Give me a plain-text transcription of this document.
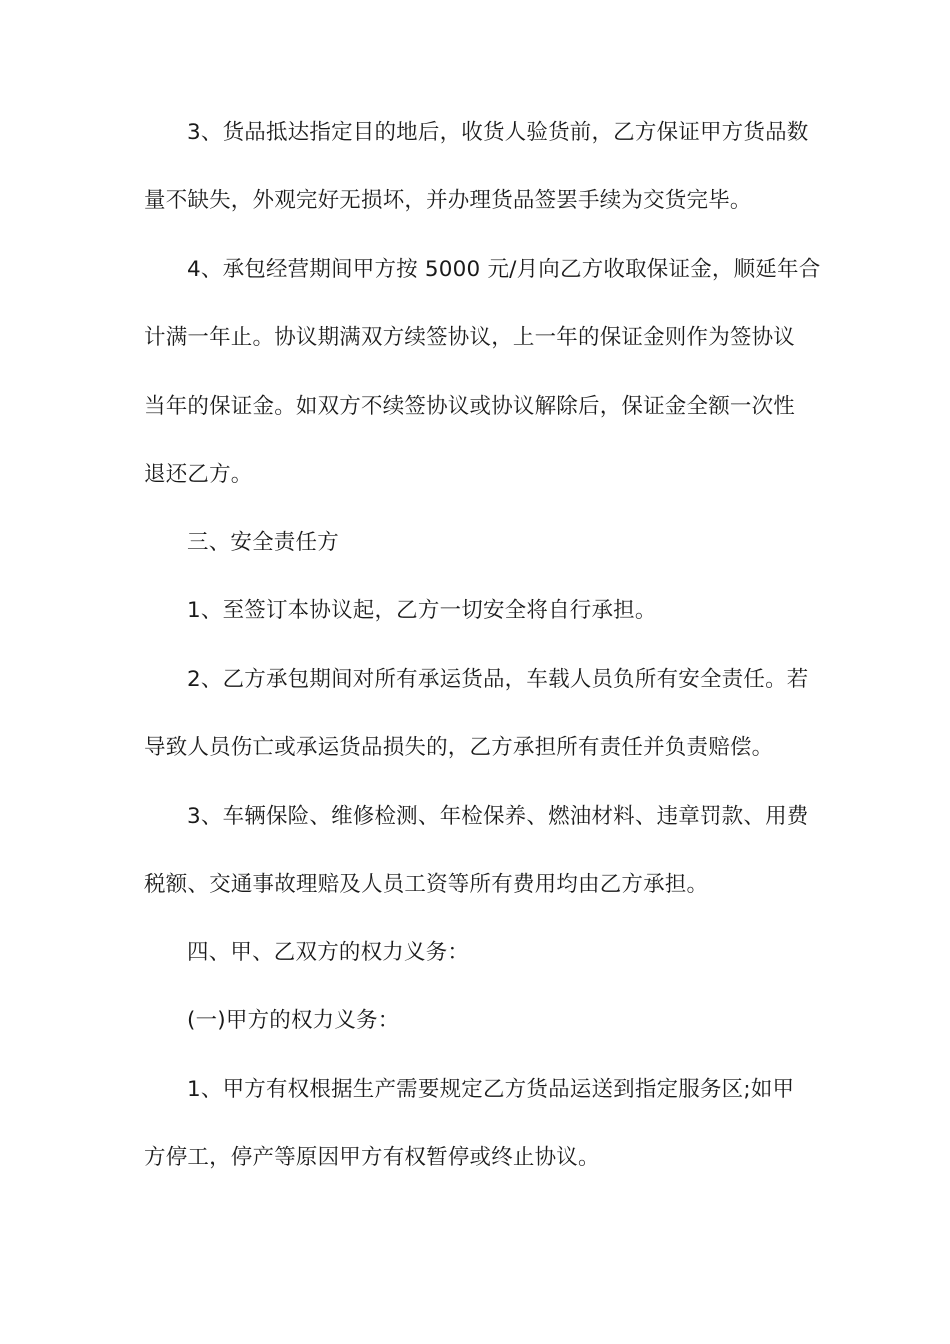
3、货品抵达指定目的地后，收货人验货前，乙方保证甲方货品数
量不缺失，外观完好无损坏，并办理货品签罢手续为交货完毕。
4、承包经营期间甲方按 5000 元/月向乙方收取保证金，顺延年合
计满一年止。协议期满双方续签协议，上一年的保证金则作为签协议
当年的保证金。如双方不续签协议或协议解除后，保证金全额一次性
退还乙方。
三、安全责任方
1、至签订本协议起，乙方一切安全将自行承担。
2、乙方承包期间对所有承运货品，车载人员负所有安全责任。若
导致人员伤亡或承运货品损失的，乙方承担所有责任并负责赔偿。
3、车辆保险、维修检测、年检保养、燃油材料、违章罚款、用费
税额、交通事故理赔及人员工资等所有费用均由乙方承担。
四、甲、乙双方的权力义务：
(一)甲方的权力义务：
1、甲方有权根据生产需要规定乙方货品运送到指定服务区;如甲
方停工，停产等原因甲方有权暂停或终止协议。
